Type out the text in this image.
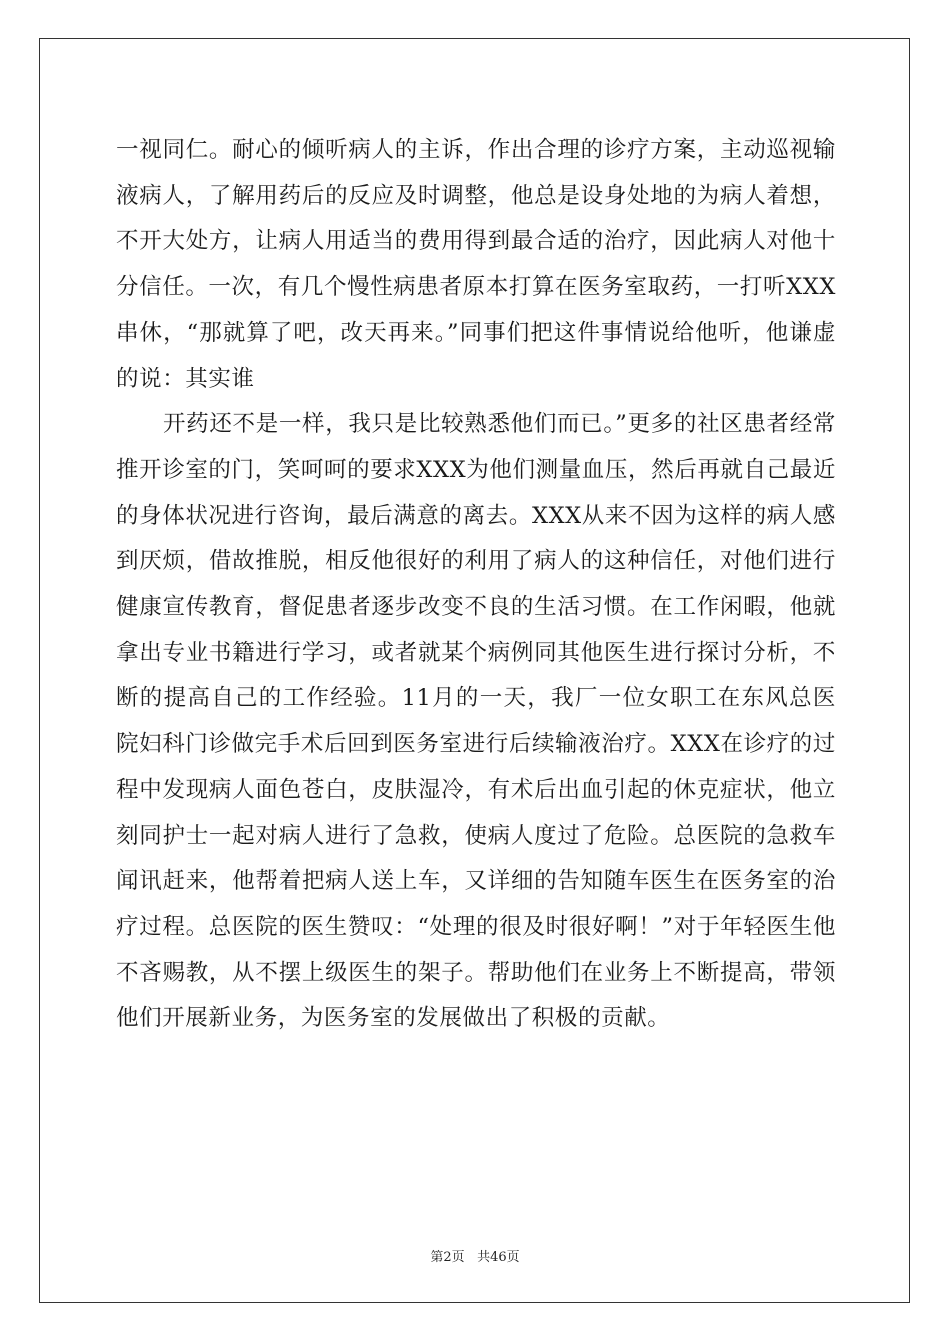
一视同仁。耐心的倾听病人的主诉，作出合理的诊疗方案，主动巡视输液病人，了解用药后的反应及时调整，他总是设身处地的为病人着想，不开大处方，让病人用适当的费用得到最合适的治疗，因此病人对他十分信任。一次，有几个慢性病患者原本打算在医务室取药，一打听XXX串休，“那就算了吧，改天再来。”同事们把这件事情说给他听，他谦虚的说：其实谁

开药还不是一样，我只是比较熟悉他们而已。”更多的社区患者经常推开诊室的门，笑呵呵的要求XXX为他们测量血压，然后再就自己最近的身体状况进行咨询，最后满意的离去。XXX从来不因为这样的病人感到厌烦，借故推脱，相反他很好的利用了病人的这种信任，对他们进行健康宣传教育，督促患者逐步改变不良的生活习惯。在工作闲暇，他就拿出专业书籍进行学习，或者就某个病例同其他医生进行探讨分析，不断的提高自己的工作经验。11月的一天，我厂一位女职工在东风总医院妇科门诊做完手术后回到医务室进行后续输液治疗。XXX在诊疗的过程中发现病人面色苍白，皮肤湿冷，有术后出血引起的休克症状，他立刻同护士一起对病人进行了急救，使病人度过了危险。总医院的急救车闻讯赶来，他帮着把病人送上车，又详细的告知随车医生在医务室的治疗过程。总医院的医生赞叹：“处理的很及时很好啊！”对于年轻医生他不吝赐教，从不摆上级医生的架子。帮助他们在业务上不断提高，带领他们开展新业务，为医务室的发展做出了积极的贡献。

第2页 共46页
